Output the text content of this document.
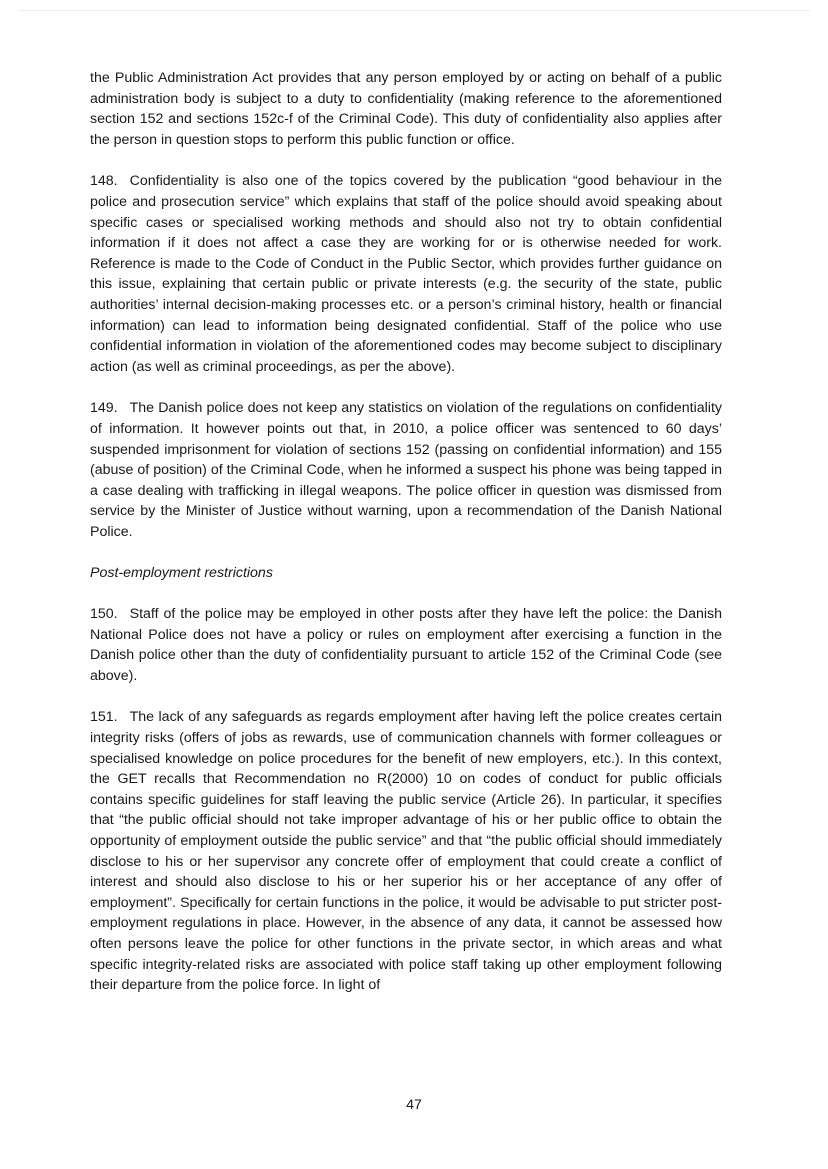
the Public Administration Act provides that any person employed by or acting on behalf of a public administration body is subject to a duty to confidentiality (making reference to the aforementioned section 152 and sections 152c-f of the Criminal Code). This duty of confidentiality also applies after the person in question stops to perform this public function or office.

148. Confidentiality is also one of the topics covered by the publication “good behaviour in the police and prosecution service” which explains that staff of the police should avoid speaking about specific cases or specialised working methods and should also not try to obtain confidential information if it does not affect a case they are working for or is otherwise needed for work. Reference is made to the Code of Conduct in the Public Sector, which provides further guidance on this issue, explaining that certain public or private interests (e.g. the security of the state, public authorities’ internal decision-making processes etc. or a person’s criminal history, health or financial information) can lead to information being designated confidential. Staff of the police who use confidential information in violation of the aforementioned codes may become subject to disciplinary action (as well as criminal proceedings, as per the above).

149. The Danish police does not keep any statistics on violation of the regulations on confidentiality of information. It however points out that, in 2010, a police officer was sentenced to 60 days’ suspended imprisonment for violation of sections 152 (passing on confidential information) and 155 (abuse of position) of the Criminal Code, when he informed a suspect his phone was being tapped in a case dealing with trafficking in illegal weapons. The police officer in question was dismissed from service by the Minister of Justice without warning, upon a recommendation of the Danish National Police.

Post-employment restrictions

150. Staff of the police may be employed in other posts after they have left the police: the Danish National Police does not have a policy or rules on employment after exercising a function in the Danish police other than the duty of confidentiality pursuant to article 152 of the Criminal Code (see above).

151. The lack of any safeguards as regards employment after having left the police creates certain integrity risks (offers of jobs as rewards, use of communication channels with former colleagues or specialised knowledge on police procedures for the benefit of new employers, etc.). In this context, the GET recalls that Recommendation no R(2000) 10 on codes of conduct for public officials contains specific guidelines for staff leaving the public service (Article 26). In particular, it specifies that “the public official should not take improper advantage of his or her public office to obtain the opportunity of employment outside the public service” and that “the public official should immediately disclose to his or her supervisor any concrete offer of employment that could create a conflict of interest and should also disclose to his or her superior his or her acceptance of any offer of employment”. Specifically for certain functions in the police, it would be advisable to put stricter post-employment regulations in place. However, in the absence of any data, it cannot be assessed how often persons leave the police for other functions in the private sector, in which areas and what specific integrity-related risks are associated with police staff taking up other employment following their departure from the police force. In light of

47
